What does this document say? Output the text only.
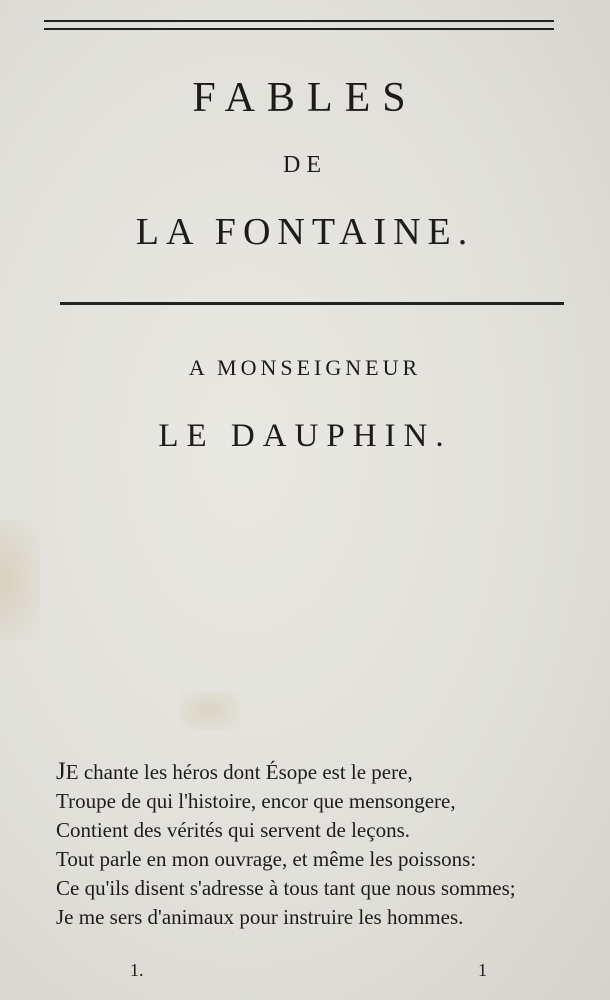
FABLES
DE
LA FONTAINE.
A MONSEIGNEUR
LE DAUPHIN.
JE chante les héros dont Ésope est le pere,
Troupe de qui l'histoire, encor que mensongere,
Contient des vérités qui servent de leçons.
Tout parle en mon ouvrage, et même les poissons:
Ce qu'ils disent s'adresse à tous tant que nous sommes;
Je me sers d'animaux pour instruire les hommes.
1.	1
